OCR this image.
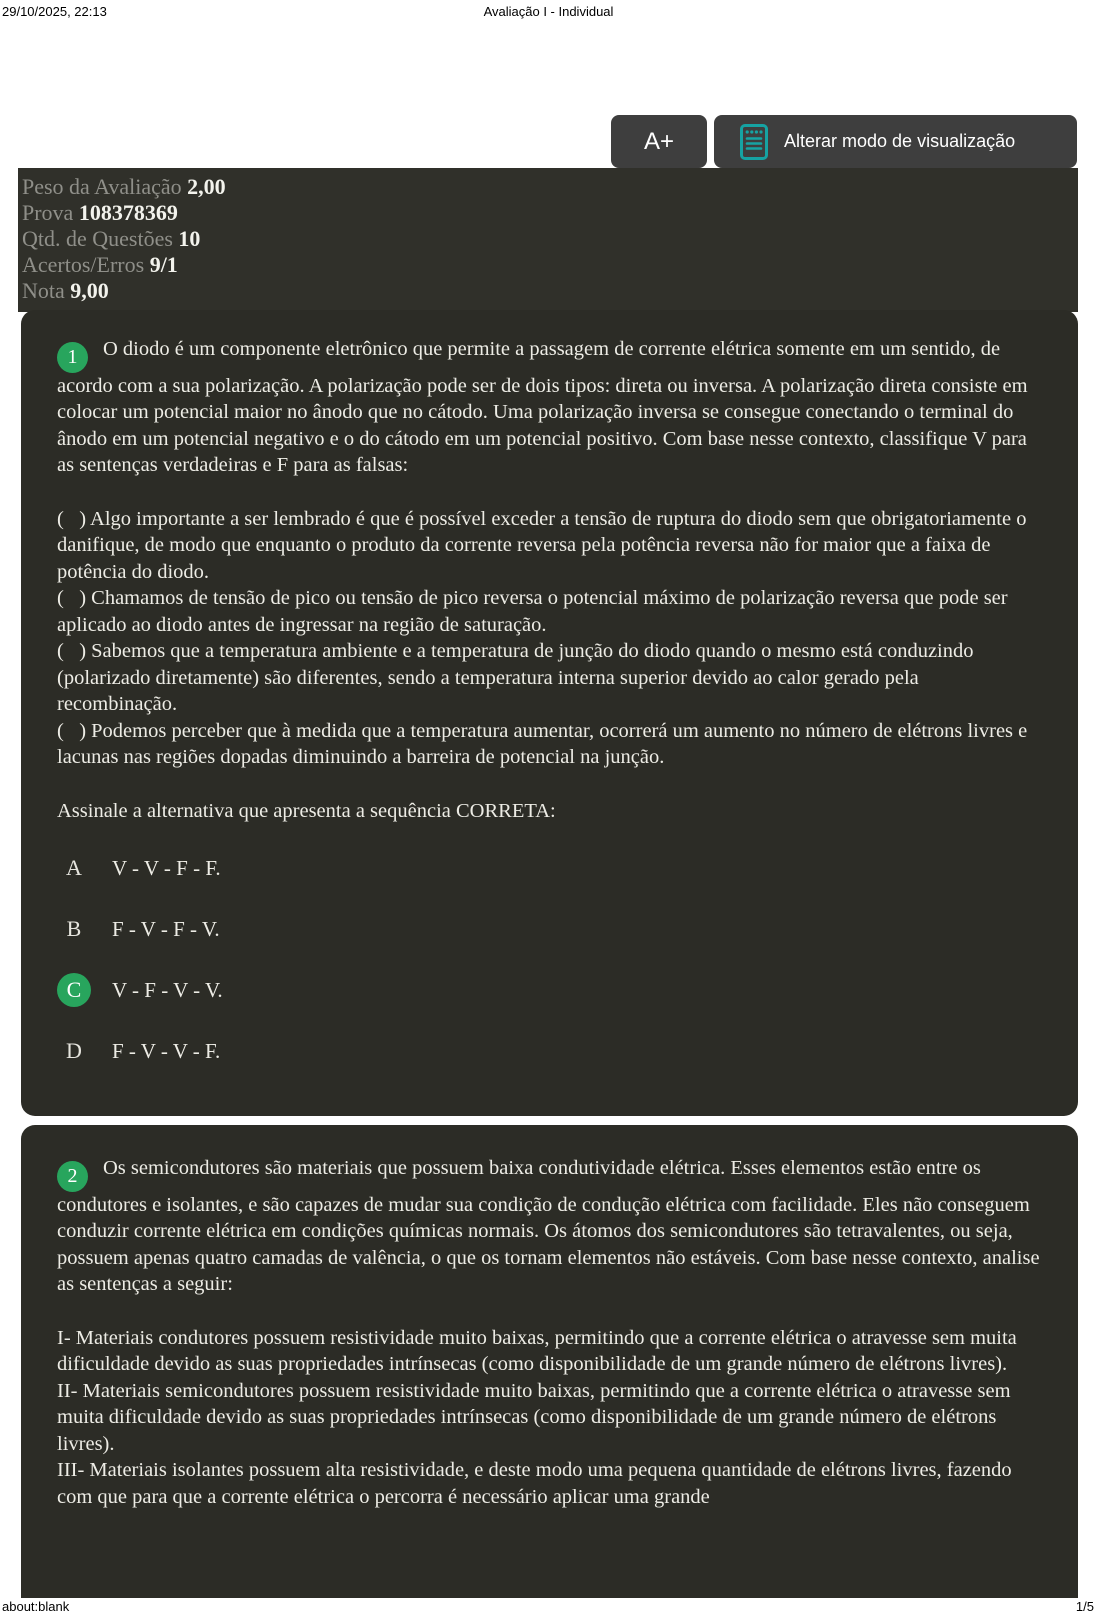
29/10/2025, 22:13	Avaliação I - Individual
A+	Alterar modo de visualização
Peso da Avaliação 2,00
Prova 108378369
Qtd. de Questões 10
Acertos/Erros 9/1
Nota 9,00

1 O diodo é um componente eletrônico que permite a passagem de corrente elétrica somente em um sentido, de acordo com a sua polarização. A polarização pode ser de dois tipos: direta ou inversa. A polarização direta consiste em colocar um potencial maior no ânodo que no cátodo. Uma polarização inversa se consegue conectando o terminal do ânodo em um potencial negativo e o do cátodo em um potencial positivo. Com base nesse contexto, classifique V para as sentenças verdadeiras e F para as falsas:

(   ) Algo importante a ser lembrado é que é possível exceder a tensão de ruptura do diodo sem que obrigatoriamente o danifique, de modo que enquanto o produto da corrente reversa pela potência reversa não for maior que a faixa de potência do diodo.

(   ) Chamamos de tensão de pico ou tensão de pico reversa o potencial máximo de polarização reversa que pode ser aplicado ao diodo antes de ingressar na região de saturação.

(   ) Sabemos que a temperatura ambiente e a temperatura de junção do diodo quando o mesmo está conduzindo (polarizado diretamente) são diferentes, sendo a temperatura interna superior devido ao calor gerado pela recombinação.

(   ) Podemos perceber que à medida que a temperatura aumentar, ocorrerá um aumento no número de elétrons livres e lacunas nas regiões dopadas diminuindo a barreira de potencial na junção.

Assinale a alternativa que apresenta a sequência CORRETA:

A	V - V - F - F.
B	F - V - F - V.
C	V - F - V - V.
D	F - V - V - F.

2 Os semicondutores são materiais que possuem baixa condutividade elétrica. Esses elementos estão entre os condutores e isolantes, e são capazes de mudar sua condição de condução elétrica com facilidade. Eles não conseguem conduzir corrente elétrica em condições químicas normais. Os átomos dos semicondutores são tetravalentes, ou seja, possuem apenas quatro camadas de valência, o que os tornam elementos não estáveis. Com base nesse contexto, analise as sentenças a seguir:

I- Materiais condutores possuem resistividade muito baixas, permitindo que a corrente elétrica o atravesse sem muita dificuldade devido as suas propriedades intrínsecas (como disponibilidade de um grande número de elétrons livres).

II- Materiais semicondutores possuem resistividade muito baixas, permitindo que a corrente elétrica o atravesse sem muita dificuldade devido as suas propriedades intrínsecas (como disponibilidade de um grande número de elétrons livres).

III- Materiais isolantes possuem alta resistividade, e deste modo uma pequena quantidade de elétrons livres, fazendo com que para que a corrente elétrica o percorra é necessário aplicar uma grande

about:blank	1/5
